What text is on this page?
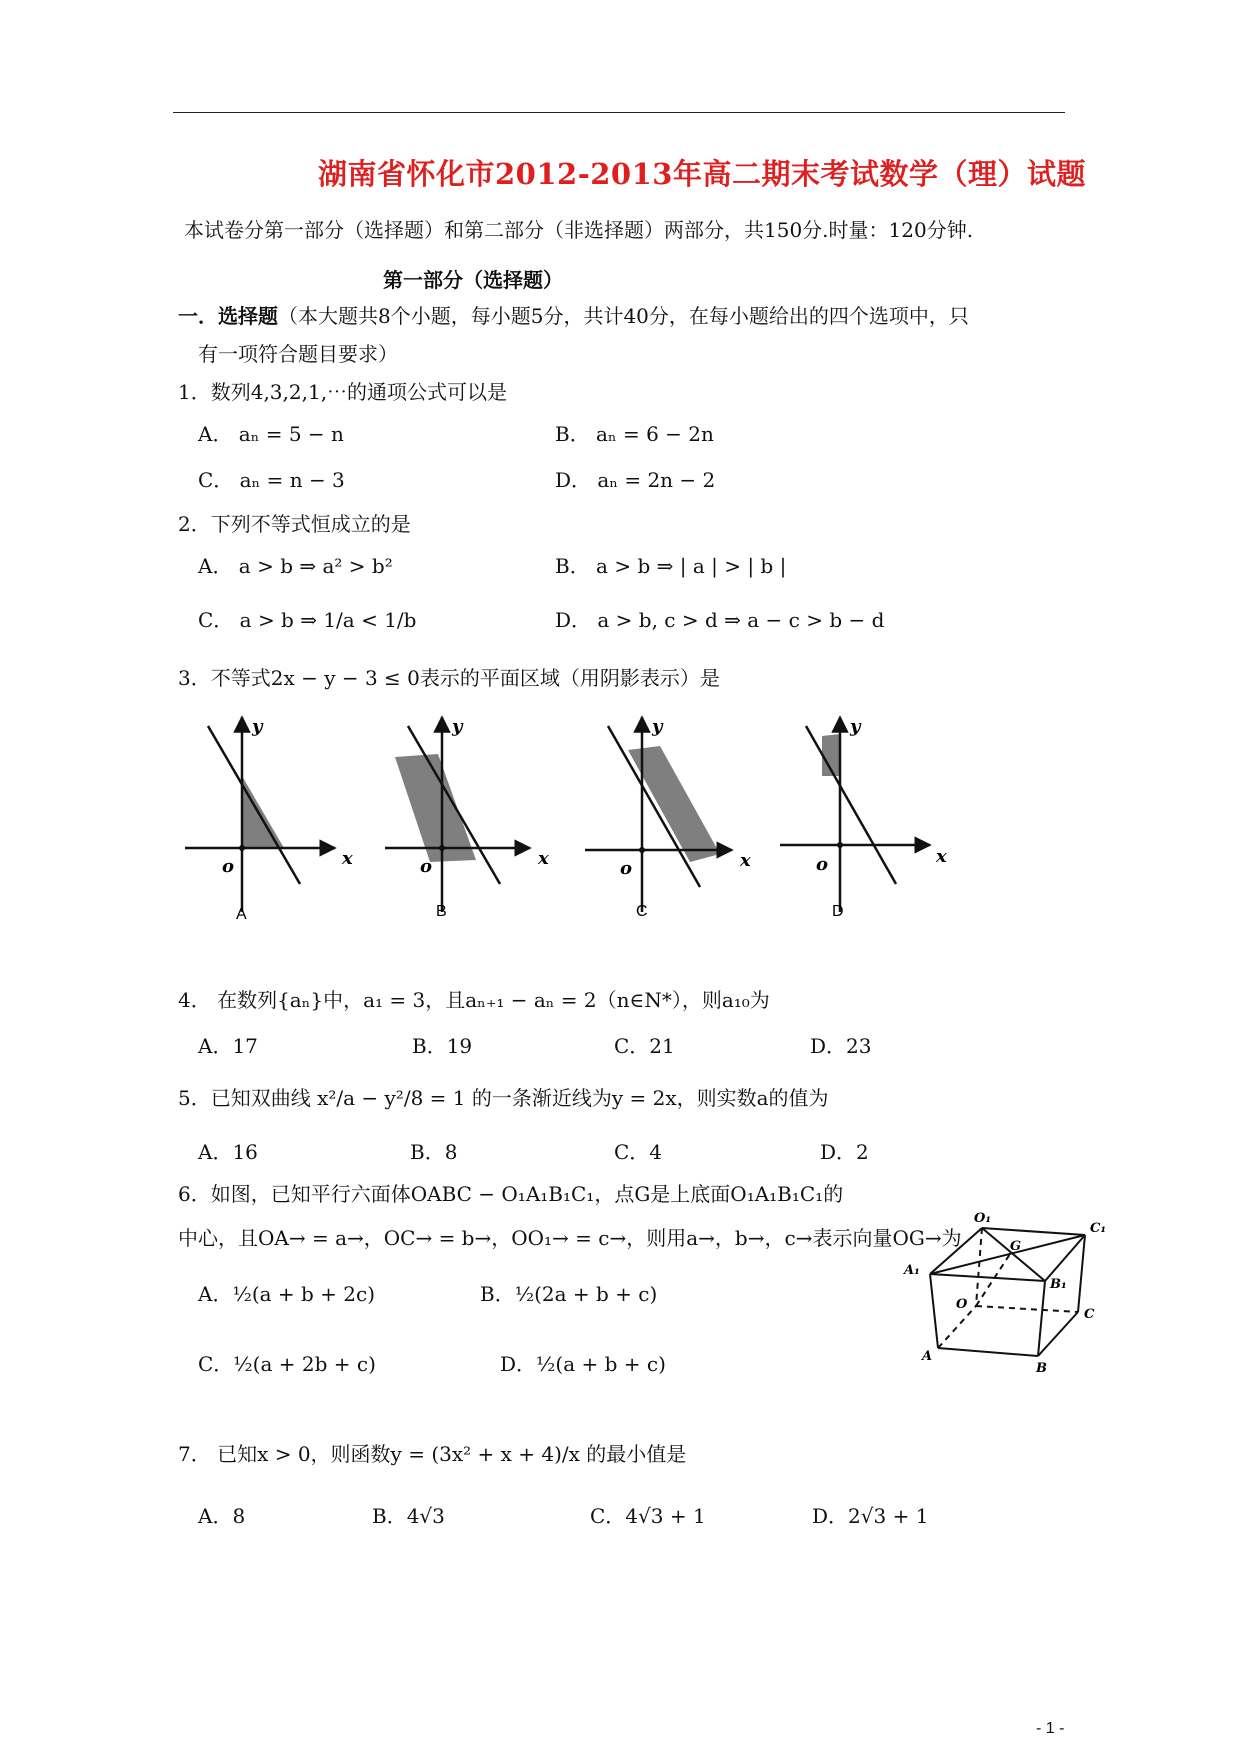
湖南省怀化市2012-2013年高二期末考试数学（理）试题
本试卷分第一部分（选择题）和第二部分（非选择题）两部分，共150分.时量：120分钟.
第一部分（选择题）
一．选择题（本大题共8个小题，每小题5分，共计40分，在每小题给出的四个选项中，只
有一项符合题目要求）
1．数列4,3,2,1,⋯的通项公式可以是
A． aₙ = 5 − n	B． aₙ = 6 − 2n
C． aₙ = n − 3	D． aₙ = 2n − 2
2．下列不等式恒成立的是
A． a > b ⇒ a² > b²	B． a > b ⇒ | a | > | b |
C． a > b ⇒ 1/a < 1/b	D． a > b, c > d ⇒ a − c > b − d
3．不等式2x − y − 3 ≤ 0表示的平面区域（用阴影表示）是
y
x
o
A
y
x
o
B
y
x
o
C
y
x
o
D
4． 在数列{aₙ}中，a₁ = 3，且aₙ₊₁ − aₙ = 2（n∈N*），则a₁₀为
A．17	B．19	C．21	D．23
5．已知双曲线 x²/a − y²/8 = 1 的一条渐近线为y = 2x，则实数a的值为
A．16	B．8	C．4	D．2
6．如图，已知平行六面体OABC − O₁A₁B₁C₁，点G是上底面O₁A₁B₁C₁的
中心，且OA→ = a→，OC→ = b→，OO₁→ = c→，则用a→，b→，c→表示向量OG→为
A．½(a + b + 2c)	B．½(2a + b + c)
C．½(a + 2b + c)	D．½(a + b + c)
O₁
C₁
G
A₁
B₁
O
C
A
B
7． 已知x > 0，则函数y = (3x² + x + 4)/x 的最小值是
A．8	B．4√3	C．4√3 + 1	D．2√3 + 1
- 1 -
